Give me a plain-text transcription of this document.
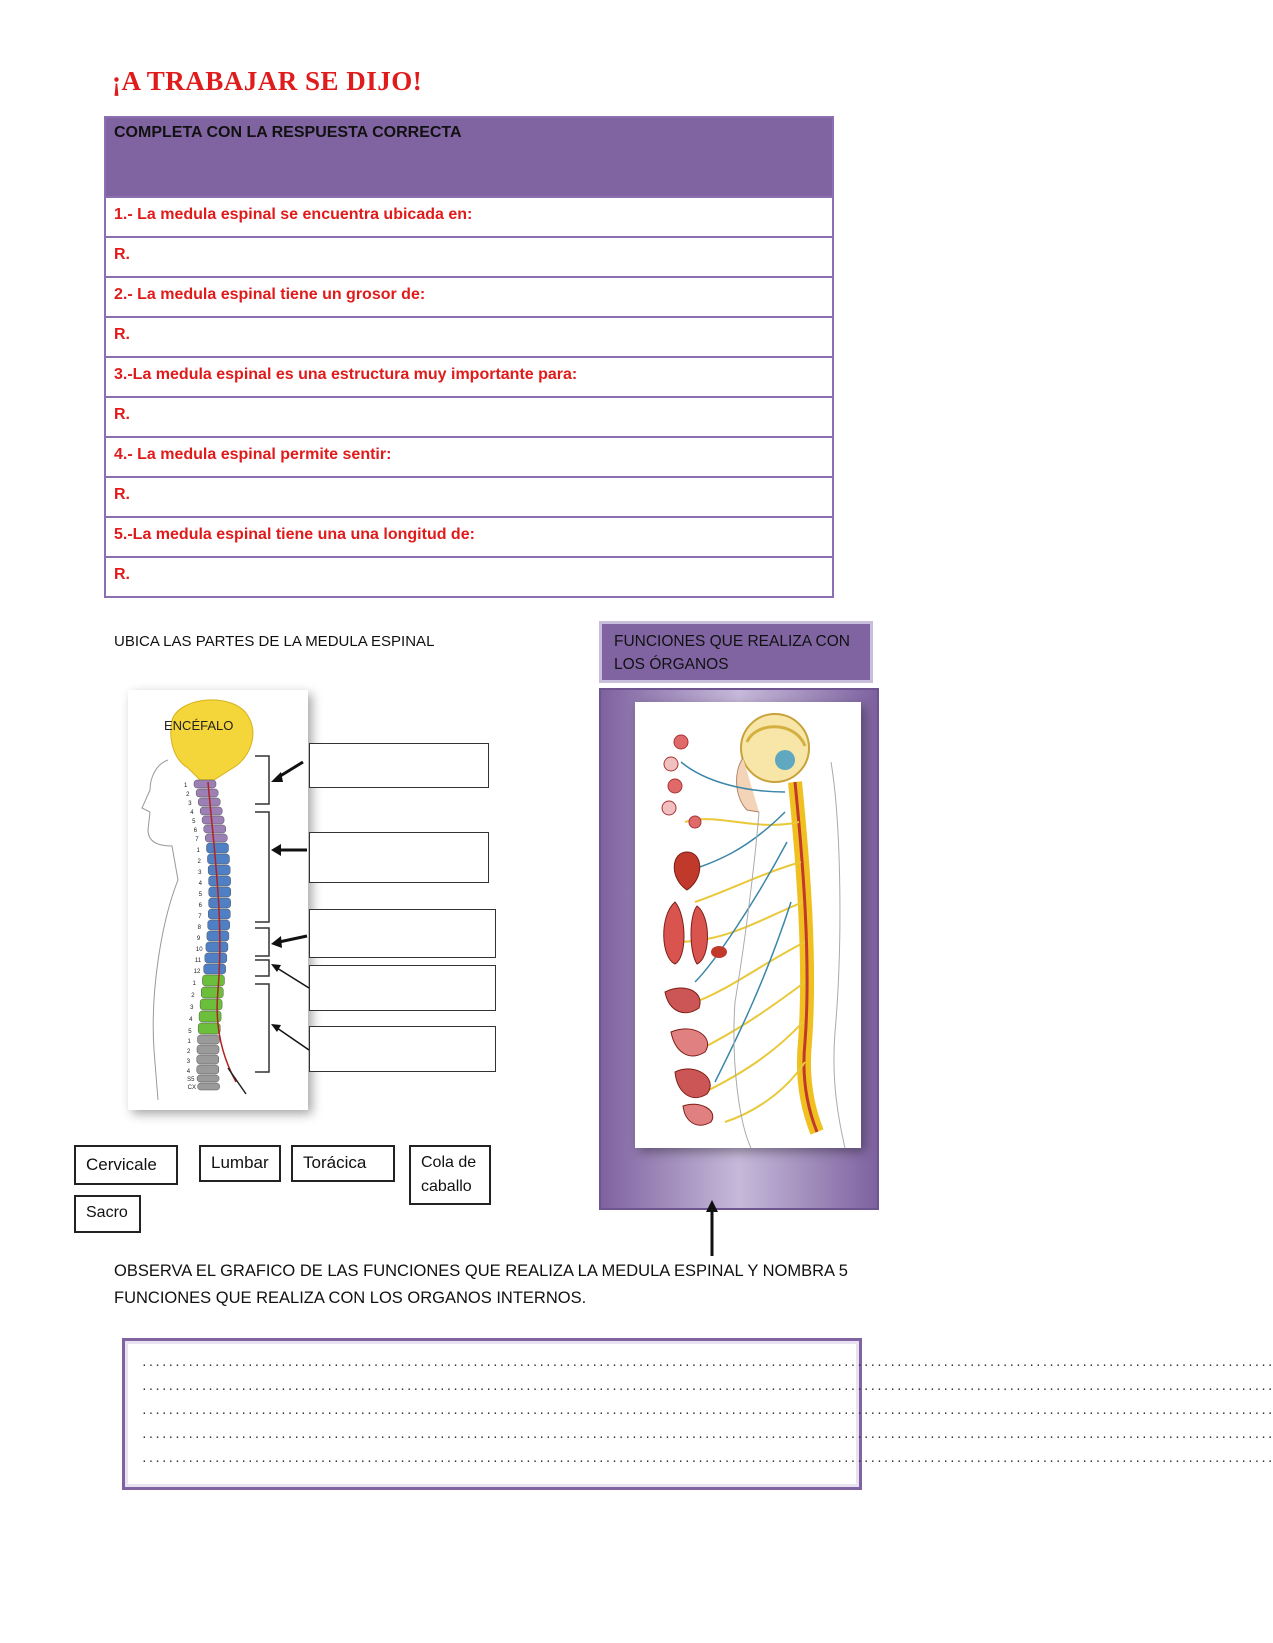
¡A TRABAJAR SE DIJO!
COMPLETA CON LA RESPUESTA CORRECTA
1.- La medula espinal se encuentra ubicada en:
R.
2.- La medula espinal tiene un grosor de:
R.
3.-La medula espinal es una estructura muy importante para:
R.
4.- La medula espinal permite sentir:
R.
5.-La medula espinal tiene una una longitud de:
R.
UBICA LAS PARTES DE LA MEDULA ESPINAL
ENCÉFALO
1
2
3
4
5
6
7
1
2
3
4
5
6
7
8
9
10
11
12
1
2
3
4
5
1
2
3
4
S5
CX
FUNCIONES QUE REALIZA CON LOS ÓRGANOS
Cervicale	Lumbar	Torácica	Cola de
caballo
Sacro
OBSERVA EL GRAFICO DE LAS FUNCIONES QUE REALIZA LA MEDULA ESPINAL Y NOMBRA 5 FUNCIONES QUE REALIZA CON LOS ORGANOS INTERNOS.
...........................................................................................................................................................................
...........................................................................................................................................................................
...........................................................................................................................................................................
...........................................................................................................................................................................
...........................................................................................................................................................................
